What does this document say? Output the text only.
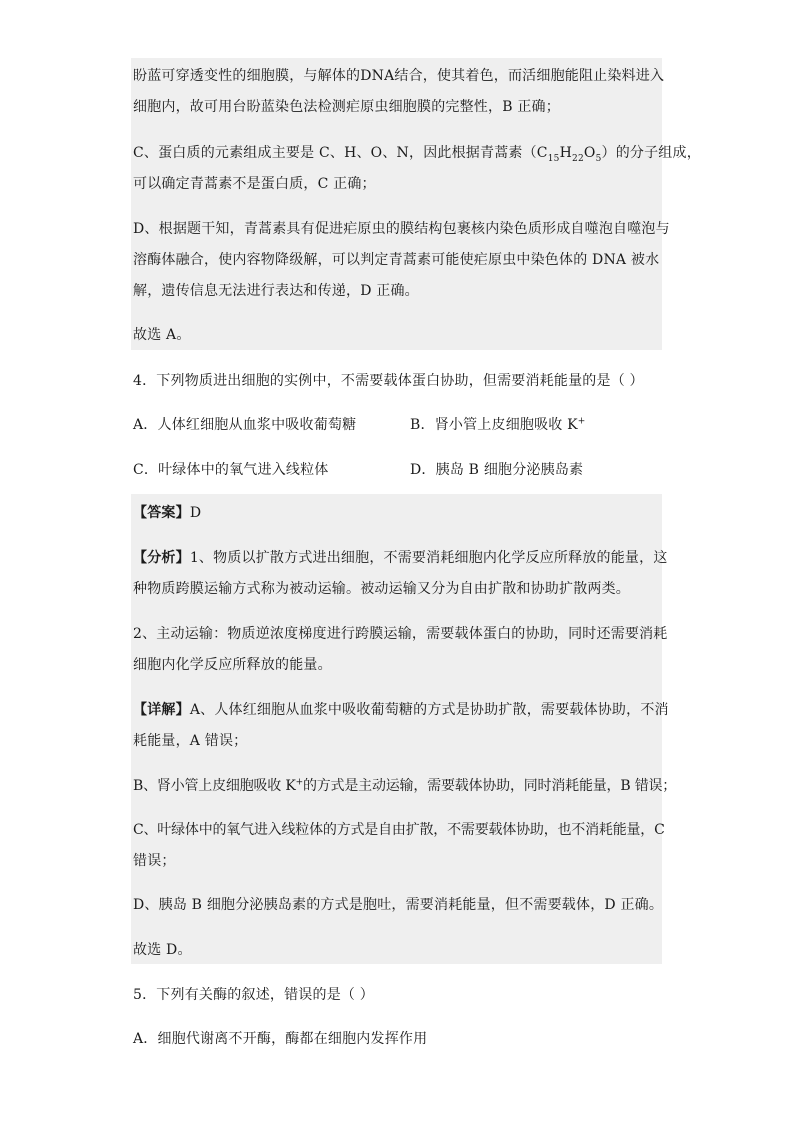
盼蓝可穿透变性的细胞膜，与解体的DNA结合，使其着色，而活细胞能阻止染料进入
细胞内，故可用台盼蓝染色法检测疟原虫细胞膜的完整性，B 正确；
C、蛋白质的元素组成主要是 C、H、O、N，因此根据青蒿素$(C_{15}H_{22}O_5)$的分子组成，
可以确定青蒿素不是蛋白质，C 正确；
D、根据题干知，青蒿素具有促进疟原虫的膜结构包裹核内染色质形成自噬泡自噬泡与
溶酶体融合，使内容物降级解，可以判定青蒿素可能使疟原虫中染色体的 DNA 被水
解，遗传信息无法进行表达和传递，D 正确。
故选 A。
4．下列物质进出细胞的实例中，不需要载体蛋白协助，但需要消耗能量的是（ ）
A．人体红细胞从血浆中吸收葡萄糖	B．肾小管上皮细胞吸收 K+
C．叶绿体中的氧气进入线粒体	D．胰岛 B 细胞分泌胰岛素
【答案】D
【分析】1、物质以扩散方式进出细胞，不需要消耗细胞内化学反应所释放的能量，这
种物质跨膜运输方式称为被动运输。被动运输又分为自由扩散和协助扩散两类。
2、主动运输：物质逆浓度梯度进行跨膜运输，需要载体蛋白的协助，同时还需要消耗
细胞内化学反应所释放的能量。
【详解】A、人体红细胞从血浆中吸收葡萄糖的方式是协助扩散，需要载体协助，不消
耗能量，A 错误；
B、肾小管上皮细胞吸收 K+的方式是主动运输，需要载体协助，同时消耗能量，B 错误；
C、叶绿体中的氧气进入线粒体的方式是自由扩散，不需要载体协助，也不消耗能量，C
错误；
D、胰岛 B 细胞分泌胰岛素的方式是胞吐，需要消耗能量，但不需要载体，D 正确。
故选 D。
5．下列有关酶的叙述，错误的是（ ）
A．细胞代谢离不开酶，酶都在细胞内发挥作用
